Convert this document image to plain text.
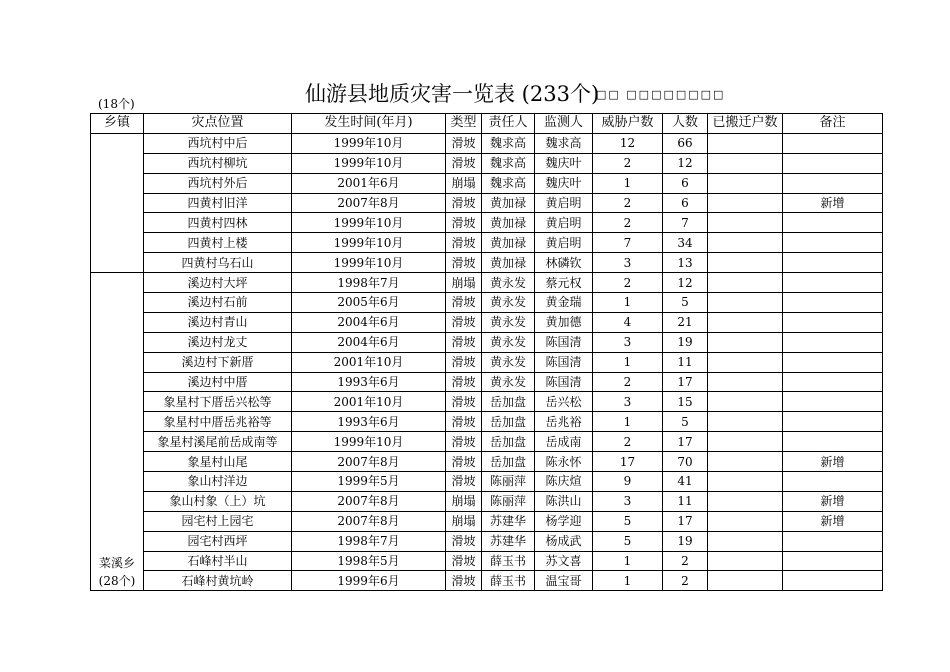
仙游县地质灾害一览表 (233个)
□□ □□□□□□□□
(18个)
乡镇	灾点位置	发生时间(年月)	类型	责任人	监测人	威胁户数	人数	已搬迁户数	备注

	西坑村中后	1999年10月	滑坡	魏求高	魏求高	12	66		
	西坑村柳坑	1999年10月	滑坡	魏求高	魏庆叶	2	12		
	西坑村外后	2001年6月	崩塌	魏求高	魏庆叶	1	6		
	四黄村旧洋	2007年8月	滑坡	黄加禄	黄启明	2	6		新增
	四黄村四林	1999年10月	滑坡	黄加禄	黄启明	2	7		
	四黄村上楼	1999年10月	滑坡	黄加禄	黄启明	7	34		
	四黄村乌石山	1999年10月	滑坡	黄加禄	林磷钦	3	13		

菜溪乡
(28个)	溪边村大坪	1998年7月	崩塌	黄永发	蔡元权	2	12		
	溪边村石前	2005年6月	滑坡	黄永发	黄金瑞	1	5		
	溪边村青山	2004年6月	滑坡	黄永发	黄加德	4	21		
	溪边村龙丈	2004年6月	滑坡	黄永发	陈国清	3	19		
	溪边村下新厝	2001年10月	滑坡	黄永发	陈国清	1	11		
	溪边村中厝	1993年6月	滑坡	黄永发	陈国清	2	17		
	象星村下厝岳兴松等	2001年10月	滑坡	岳加盘	岳兴松	3	15		
	象星村中厝岳兆裕等	1993年6月	滑坡	岳加盘	岳兆裕	1	5		
	象星村溪尾前岳成南等	1999年10月	滑坡	岳加盘	岳成南	2	17		
	象星村山尾	2007年8月	滑坡	岳加盘	陈永怀	17	70		新增
	象山村洋边	1999年5月	滑坡	陈丽萍	陈庆煊	9	41		
	象山村象（上）坑	2007年8月	崩塌	陈丽萍	陈洪山	3	11		新增
	园宅村上园宅	2007年8月	崩塌	苏建华	杨学迎	5	17		新增
	园宅村西坪	1998年7月	滑坡	苏建华	杨成武	5	19		
	石峰村半山	1998年5月	滑坡	薛玉书	苏文喜	1	2		
	石峰村黄坑岭	1999年6月	滑坡	薛玉书	温宝哥	1	2		
